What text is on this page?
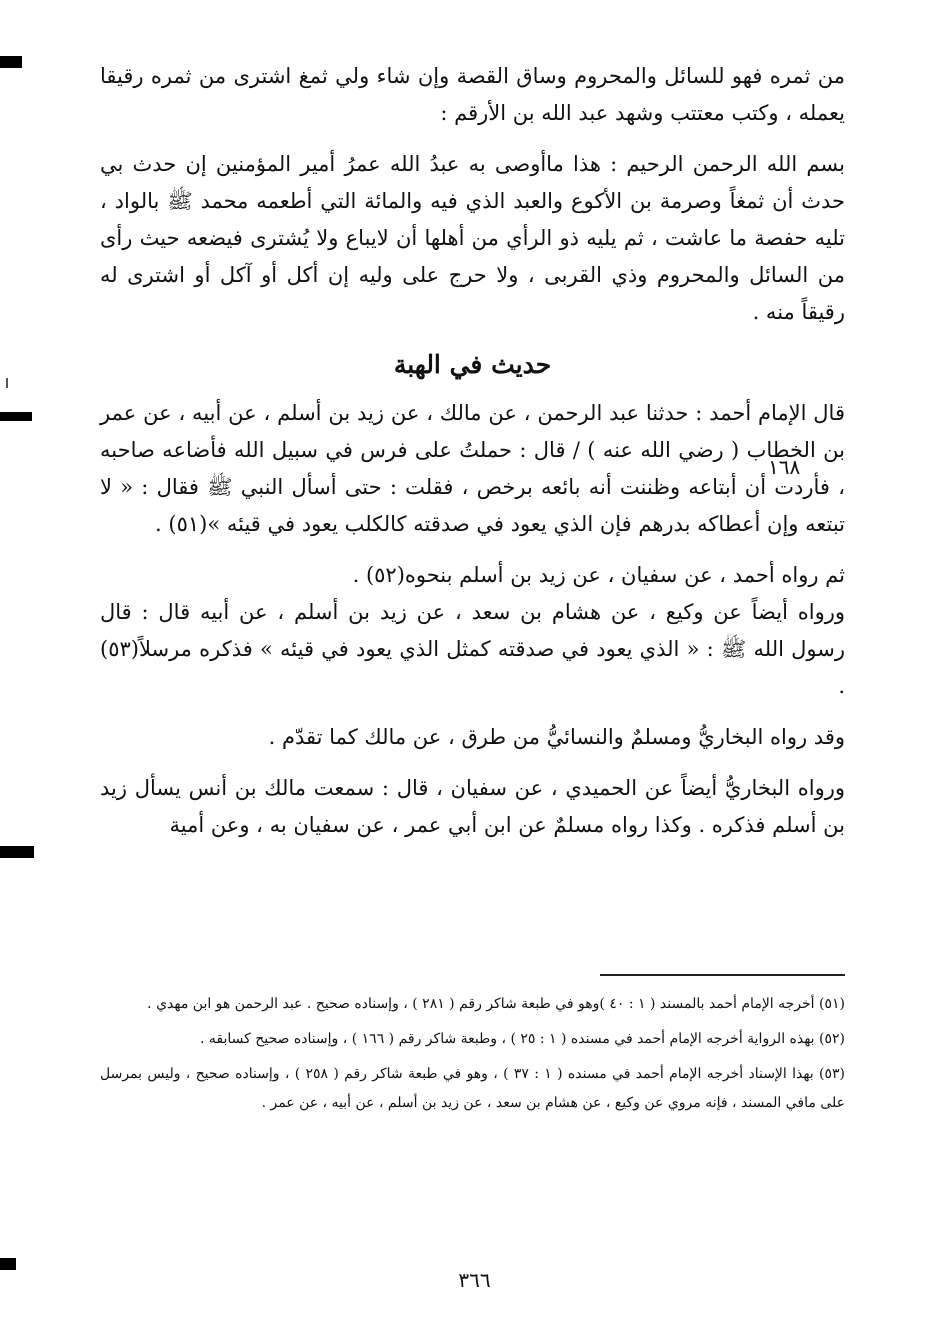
من ثمره فهو للسائل والمحروم وساق القصة وإن شاء ولي ثمغ اشترى من ثمره رقيقا يعمله ، وكتب معتتب وشهد عبد الله بن الأرقم :

بسم الله الرحمن الرحيم : هذا ماأوصى به عبدُ الله عمرُ أمير المؤمنين إن حدث بي حدث أن ثمغاً وصرمة بن الأكوع والعبد الذي فيه والمائة التي أطعمه محمد ﷺ بالواد ، تليه حفصة ما عاشت ، ثم يليه ذو الرأي من أهلها أن لايباع ولا يُشترى فيضعه حيث رأى من السائل والمحروم وذي القربى ، ولا حرج على وليه إن أكل أو آكل أو اشترى له رقيقاً منه .

حديث في الهبة

قال الإمام أحمد : حدثنا عبد الرحمن ، عن مالك ، عن زيد بن أسلم ، عن أبيه ، عن عمر بن الخطاب ( رضي الله عنه ) / قال : حملتُ على فرس في سبيل الله فأضاعه صاحبه ، فأردت أن أبتاعه وظننت أنه بائعه برخص ، فقلت : حتى أسأل النبي ﷺ فقال : « لا تبتعه وإن أعطاكه بدرهم فإن الذي يعود في صدقته كالكلب يعود في قيئه »(٥١) .

ثم رواه أحمد ، عن سفيان ، عن زيد بن أسلم بنحوه(٥٢) .

ورواه أيضاً عن وكيع ، عن هشام بن سعد ، عن زيد بن أسلم ، عن أبيه قال : قال رسول الله ﷺ : « الذي يعود في صدقته كمثل الذي يعود في قيئه » فذكره مرسلاً(٥٣) .

وقد رواه البخاريُّ ومسلمٌ والنسائيُّ من طرق ، عن مالك كما تقدّم .

ورواه البخاريُّ أيضاً عن الحميدي ، عن سفيان ، قال : سمعت مالك بن أنس يسأل زيد بن أسلم فذكره . وكذا رواه مسلمٌ عن ابن أبي عمر ، عن سفيان به ، وعن أمية

١٦٨

(٥١) أخرجه الإمام أحمد بالمسند ( ١ : ٤٠ )وهو في طبعة شاكر رقم ( ٢٨١ ) ، وإسناده صحيح . عبد الرحمن هو ابن مهدي .

(٥٢) بهذه الرواية أخرجه الإمام أحمد في مسنده ( ١ : ٢٥ ) ، وطبعة شاكر رقم ( ١٦٦ ) ، وإسناده صحيح كسابقه .

(٥٣) بهذا الإسناد أخرجه الإمام أحمد في مسنده ( ١ : ٣٧ ) ، وهو في طبعة شاكر رقم ( ٢٥٨ ) ، وإسناده صحيح ، وليس بمرسل على مافي المسند ، فإنه مروي عن وكيع ، عن هشام بن سعد ، عن زيد بن أسلم ، عن أبيه ، عن عمر .

٣٦٦
